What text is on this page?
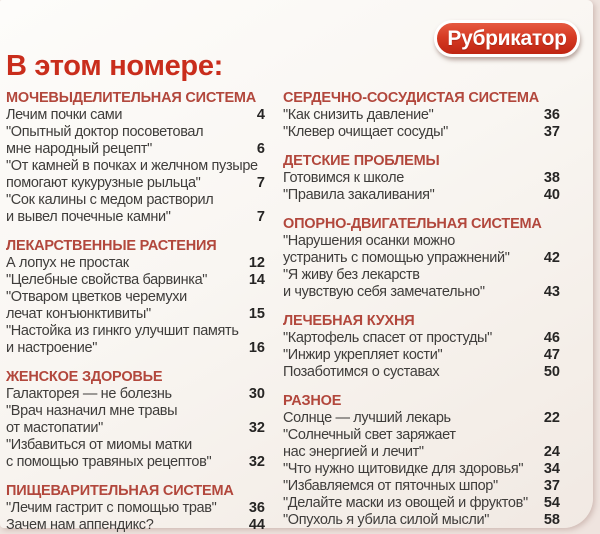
Рубрикатор
В этом номере:
МОЧЕВЫДЕЛИТЕЛЬНАЯ СИСТЕМА
Лечим почки сами	4
"Опытный доктор посоветовал
мне народный рецепт"	6
"От камней в почках и желчном пузыре
помогают кукурузные рыльца"	7
"Сок калины с медом растворил
и вывел почечные камни"	7
ЛЕКАРСТВЕННЫЕ РАСТЕНИЯ
А лопух не простак	12
"Целебные свойства барвинка"	14
"Отваром цветков черемухи
лечат конъюнктивиты"	15
"Настойка из гинкго улучшит память
и настроение"	16
ЖЕНСКОЕ ЗДОРОВЬЕ
Галакторея — не болезнь	30
"Врач назначил мне травы
от мастопатии"	32
"Избавиться от миомы матки
с помощью травяных рецептов"	32
ПИЩЕВАРИТЕЛЬНАЯ СИСТЕМА
"Лечим гастрит с помощью трав"	36
Зачем нам аппендикс?	44
СЕРДЕЧНО-СОСУДИСТАЯ СИСТЕМА
"Как снизить давление"	36
"Клевер очищает сосуды"	37
ДЕТСКИЕ ПРОБЛЕМЫ
Готовимся к школе	38
"Правила закаливания"	40
ОПОРНО-ДВИГАТЕЛЬНАЯ СИСТЕМА
"Нарушения осанки можно
устранить с помощью упражнений"	42
"Я живу без лекарств
и чувствую себя замечательно"	43
ЛЕЧЕБНАЯ КУХНЯ
"Картофель спасет от простуды"	46
"Инжир укрепляет кости"	47
Позаботимся о суставах	50
РАЗНОЕ
Солнце — лучший лекарь	22
"Солнечный свет заряжает
нас энергией и лечит"	24
"Что нужно щитовидке для здоровья"	34
"Избавляемся от пяточных шпор"	37
"Делайте маски из овощей и фруктов"	54
"Опухоль я убила силой мысли"	58
